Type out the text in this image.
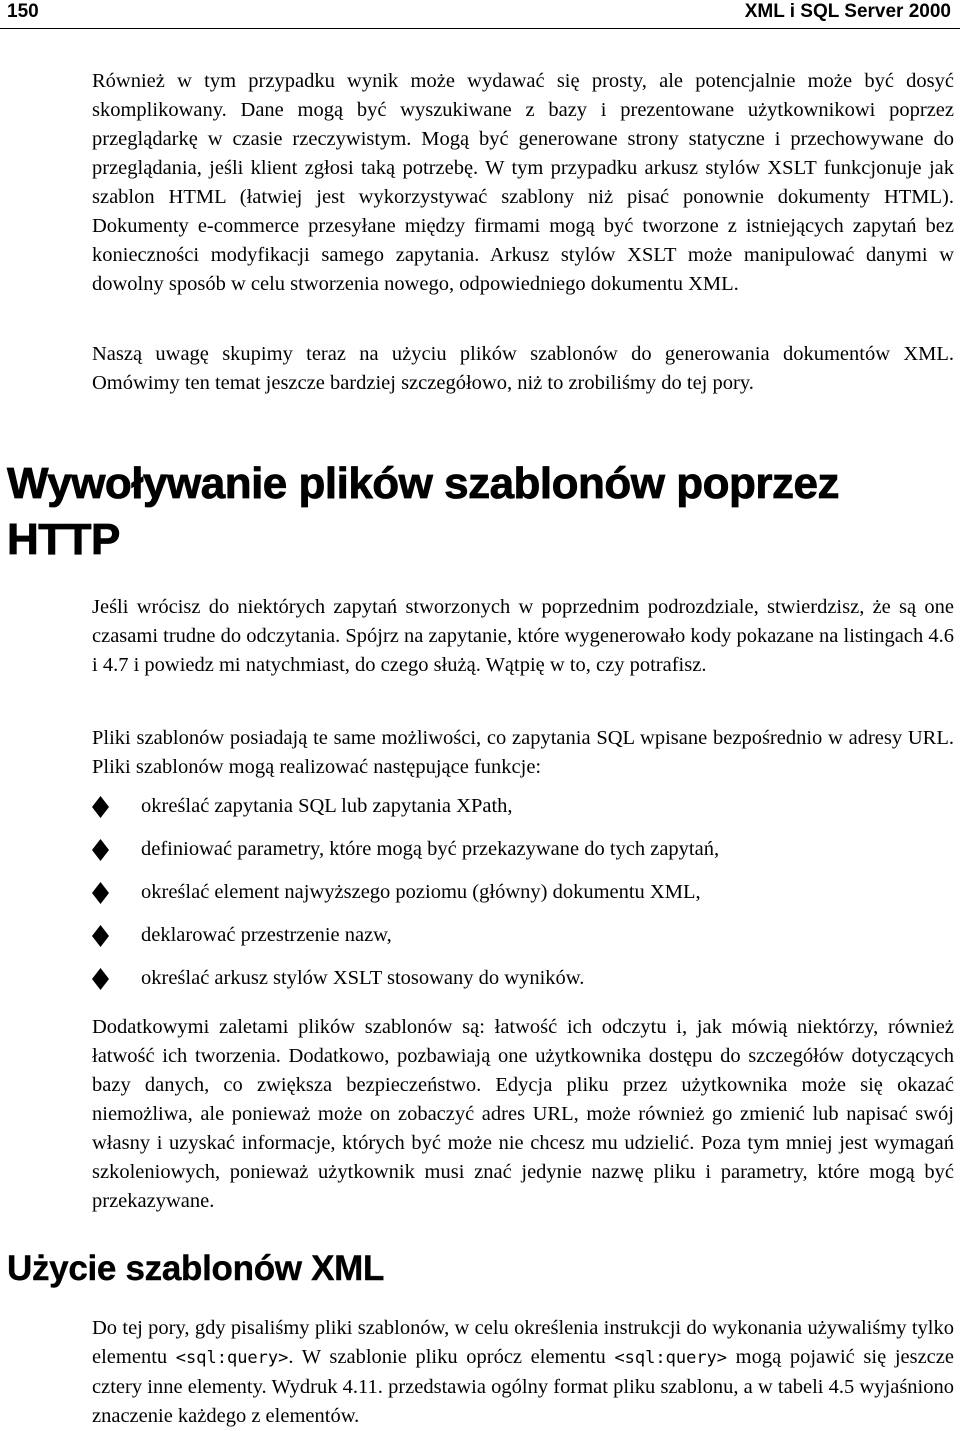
150	XML i SQL Server 2000

Również w tym przypadku wynik może wydawać się prosty, ale potencjalnie może być dosyć skomplikowany. Dane mogą być wyszukiwane z bazy i prezentowane użytkownikowi poprzez przeglądarkę w czasie rzeczywistym. Mogą być generowane strony statyczne i przechowywane do przeglądania, jeśli klient zgłosi taką potrzebę. W tym przypadku arkusz stylów XSLT funkcjonuje jak szablon HTML (łatwiej jest wykorzystywać szablony niż pisać ponownie dokumenty HTML). Dokumenty e-commerce przesyłane między firmami mogą być tworzone z istniejących zapytań bez konieczności modyfikacji samego zapytania. Arkusz stylów XSLT może manipulować danymi w dowolny sposób w celu stworzenia nowego, odpowiedniego dokumentu XML.

Naszą uwagę skupimy teraz na użyciu plików szablonów do generowania dokumentów XML. Omówimy ten temat jeszcze bardziej szczegółowo, niż to zrobiliśmy do tej pory.

Wywoływanie plików szablonów poprzez HTTP

Jeśli wrócisz do niektórych zapytań stworzonych w poprzednim podrozdziale, stwierdzisz, że są one czasami trudne do odczytania. Spójrz na zapytanie, które wygenerowało kody pokazane na listingach 4.6 i 4.7 i powiedz mi natychmiast, do czego służą. Wątpię w to, czy potrafisz.

Pliki szablonów posiadają te same możliwości, co zapytania SQL wpisane bezpośrednio w adresy URL. Pliki szablonów mogą realizować następujące funkcje:

określać zapytania SQL lub zapytania XPath,
definiować parametry, które mogą być przekazywane do tych zapytań,
określać element najwyższego poziomu (główny) dokumentu XML,
deklarować przestrzenie nazw,
określać arkusz stylów XSLT stosowany do wyników.

Dodatkowymi zaletami plików szablonów są: łatwość ich odczytu i, jak mówią niektórzy, również łatwość ich tworzenia. Dodatkowo, pozbawiają one użytkownika dostępu do szczegółów dotyczących bazy danych, co zwiększa bezpieczeństwo. Edycja pliku przez użytkownika może się okazać niemożliwa, ale ponieważ może on zobaczyć adres URL, może również go zmienić lub napisać swój własny i uzyskać informacje, których być może nie chcesz mu udzielić. Poza tym mniej jest wymagań szkoleniowych, ponieważ użytkownik musi znać jedynie nazwę pliku i parametry, które mogą być przekazywane.

Użycie szablonów XML

Do tej pory, gdy pisaliśmy pliki szablonów, w celu określenia instrukcji do wykonania używaliśmy tylko elementu <sql:query>. W szablonie pliku oprócz elementu <sql:query> mogą pojawić się jeszcze cztery inne elementy. Wydruk 4.11. przedstawia ogólny format pliku szablonu, a w tabeli 4.5 wyjaśniono znaczenie każdego z elementów.
